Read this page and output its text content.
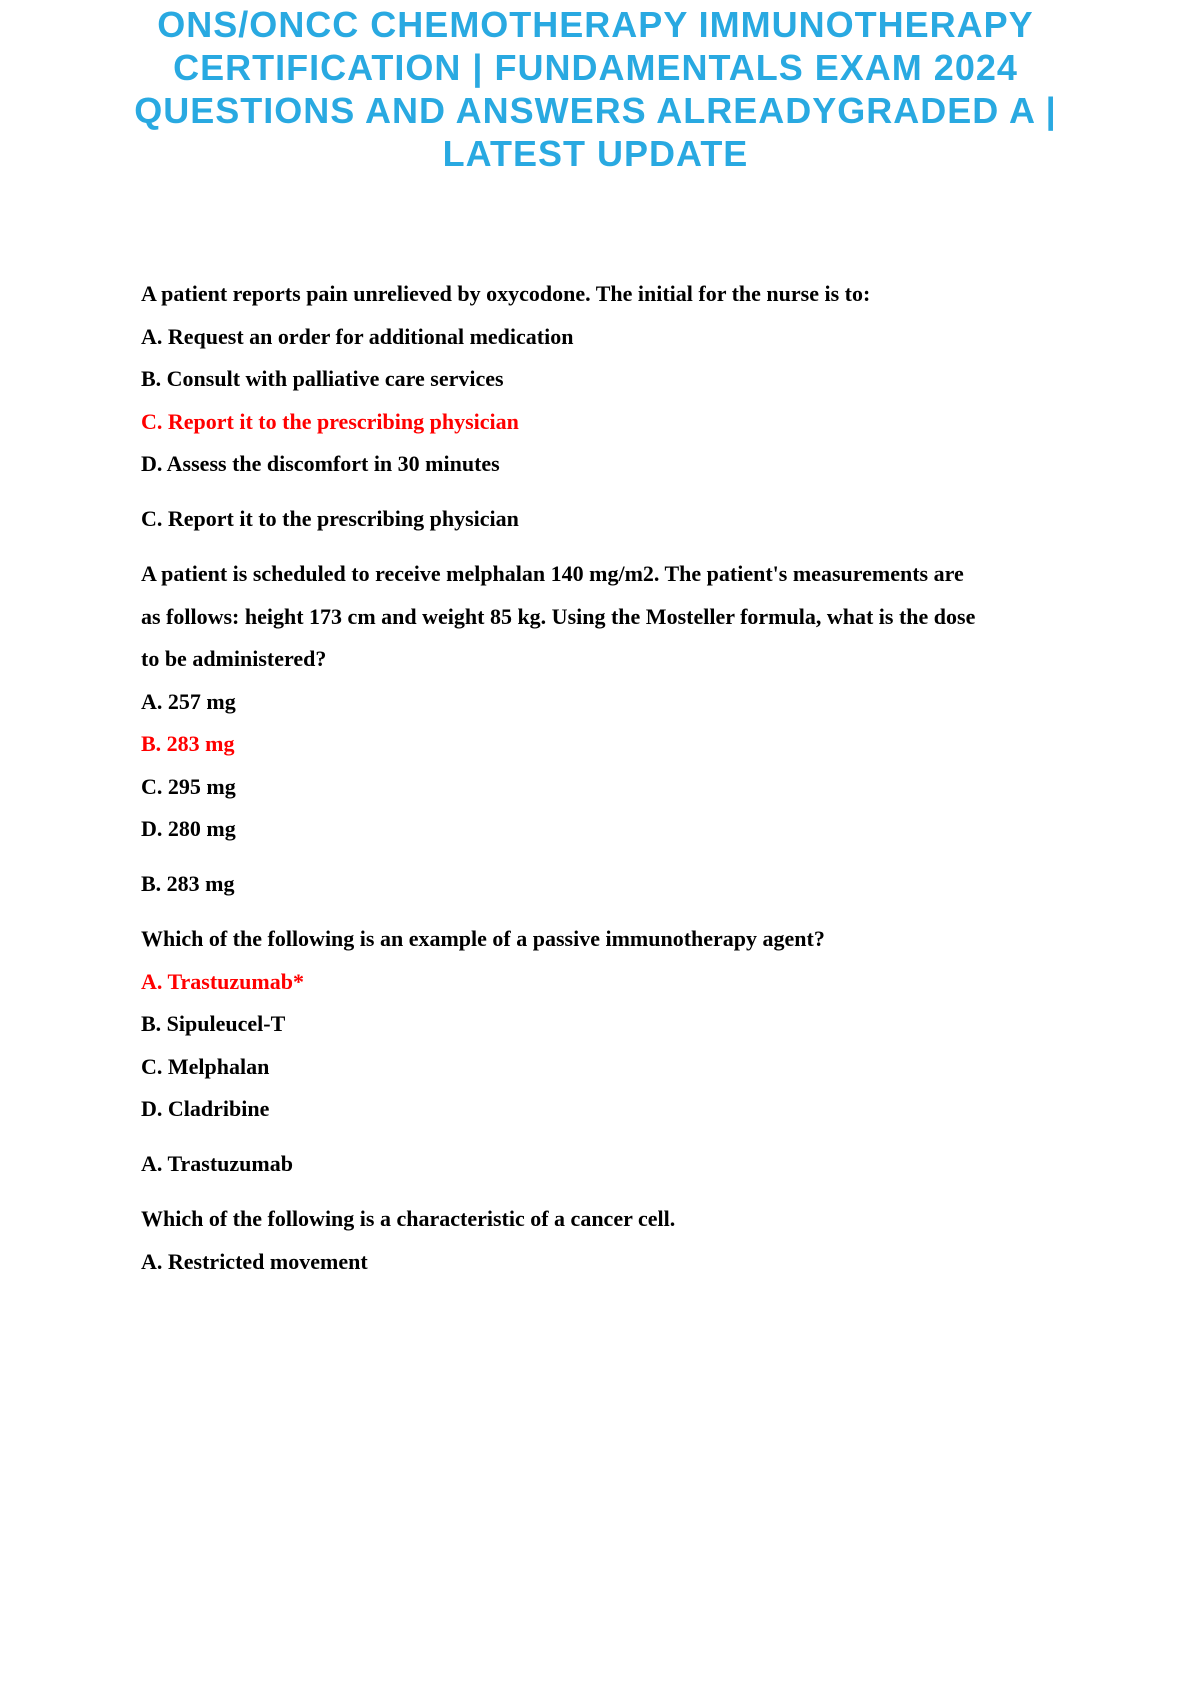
ONS/ONCC CHEMOTHERAPY IMMUNOTHERAPY
CERTIFICATION | FUNDAMENTALS EXAM 2024
QUESTIONS AND ANSWERS ALREADYGRADED A |
LATEST UPDATE
A patient reports pain unrelieved by oxycodone. The initial for the nurse is to:
A. Request an order for additional medication
B. Consult with palliative care services
C. Report it to the prescribing physician
D. Assess the discomfort in 30 minutes
C. Report it to the prescribing physician
A patient is scheduled to receive melphalan 140 mg/m2. The patient's measurements are
as follows: height 173 cm and weight 85 kg. Using the Mosteller formula, what is the dose
to be administered?
A. 257 mg
B. 283 mg
C. 295 mg
D. 280 mg
B. 283 mg
Which of the following is an example of a passive immunotherapy agent?
A. Trastuzumab*
B. Sipuleucel-T
C. Melphalan
D. Cladribine
A. Trastuzumab
Which of the following is a characteristic of a cancer cell.
A. Restricted movement
